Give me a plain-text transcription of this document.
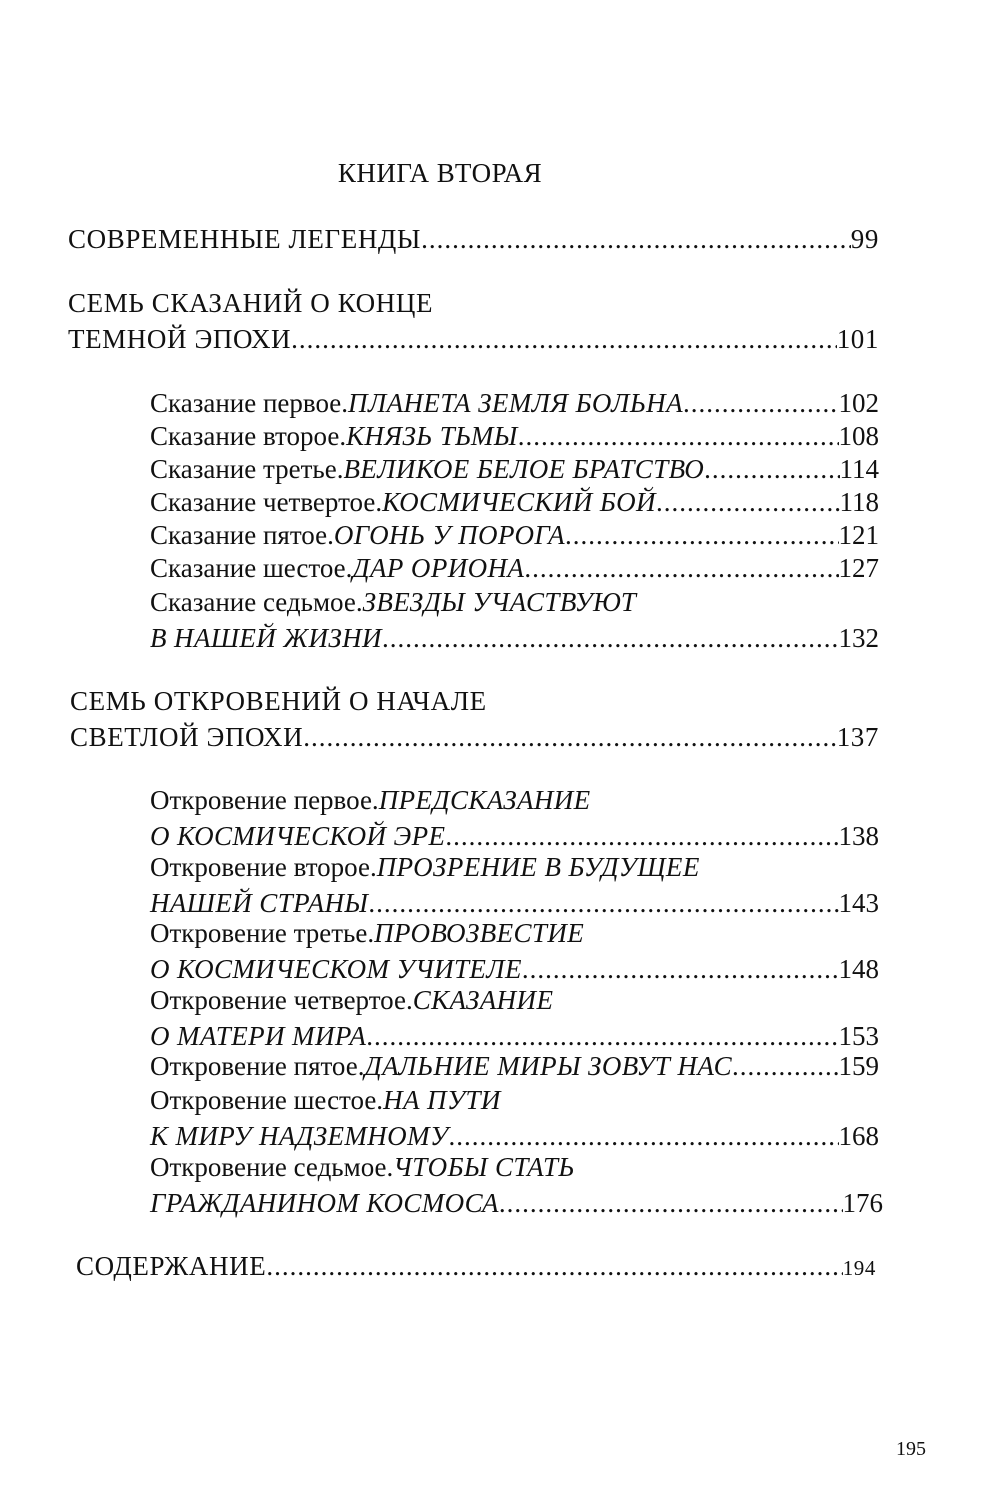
КНИГА ВТОРАЯ
СОВРЕМЕННЫЕ ЛЕГЕНДЫ .....	99
СЕМЬ СКАЗАНИЙ О КОНЦЕ
ТЕМНОЙ ЭПОХИ .....	101
Сказание первое. ПЛАНЕТА ЗЕМЛЯ БОЛЬНА .....	102
Сказание второе. КНЯЗЬ ТЬМЫ .....	108
Сказание третье. ВЕЛИКОЕ БЕЛОЕ БРАТСТВО .....	114
Сказание четвертое. КОСМИЧЕСКИЙ БОЙ .....	118
Сказание пятое. ОГОНЬ У ПОРОГА .....	121
Сказание шестое. ДАР ОРИОНА .....	127
Сказание седьмое. ЗВЕЗДЫ УЧАСТВУЮТ
В НАШЕЙ ЖИЗНИ .....	132
СЕМЬ ОТКРОВЕНИЙ О НАЧАЛЕ
СВЕТЛОЙ ЭПОХИ .....	137
Откровение первое. ПРЕДСКАЗАНИЕ
О КОСМИЧЕСКОЙ ЭРЕ .....	138
Откровение второе. ПРОЗРЕНИЕ В БУДУЩЕЕ
НАШЕЙ СТРАНЫ .....	143
Откровение третье. ПРОВОЗВЕСТИЕ
О КОСМИЧЕСКОМ УЧИТЕЛЕ .....	148
Откровение четвертое. СКАЗАНИЕ
О МАТЕРИ МИРА .....	153
Откровение пятое. ДАЛЬНИЕ МИРЫ ЗОВУТ НАС .....	159
Откровение шестое. НА ПУТИ
К МИРУ НАДЗЕМНОМУ .....	168
Откровение седьмое. ЧТОБЫ СТАТЬ
ГРАЖДАНИНОМ КОСМОСА .....	176
СОДЕРЖАНИЕ .....	194
195
